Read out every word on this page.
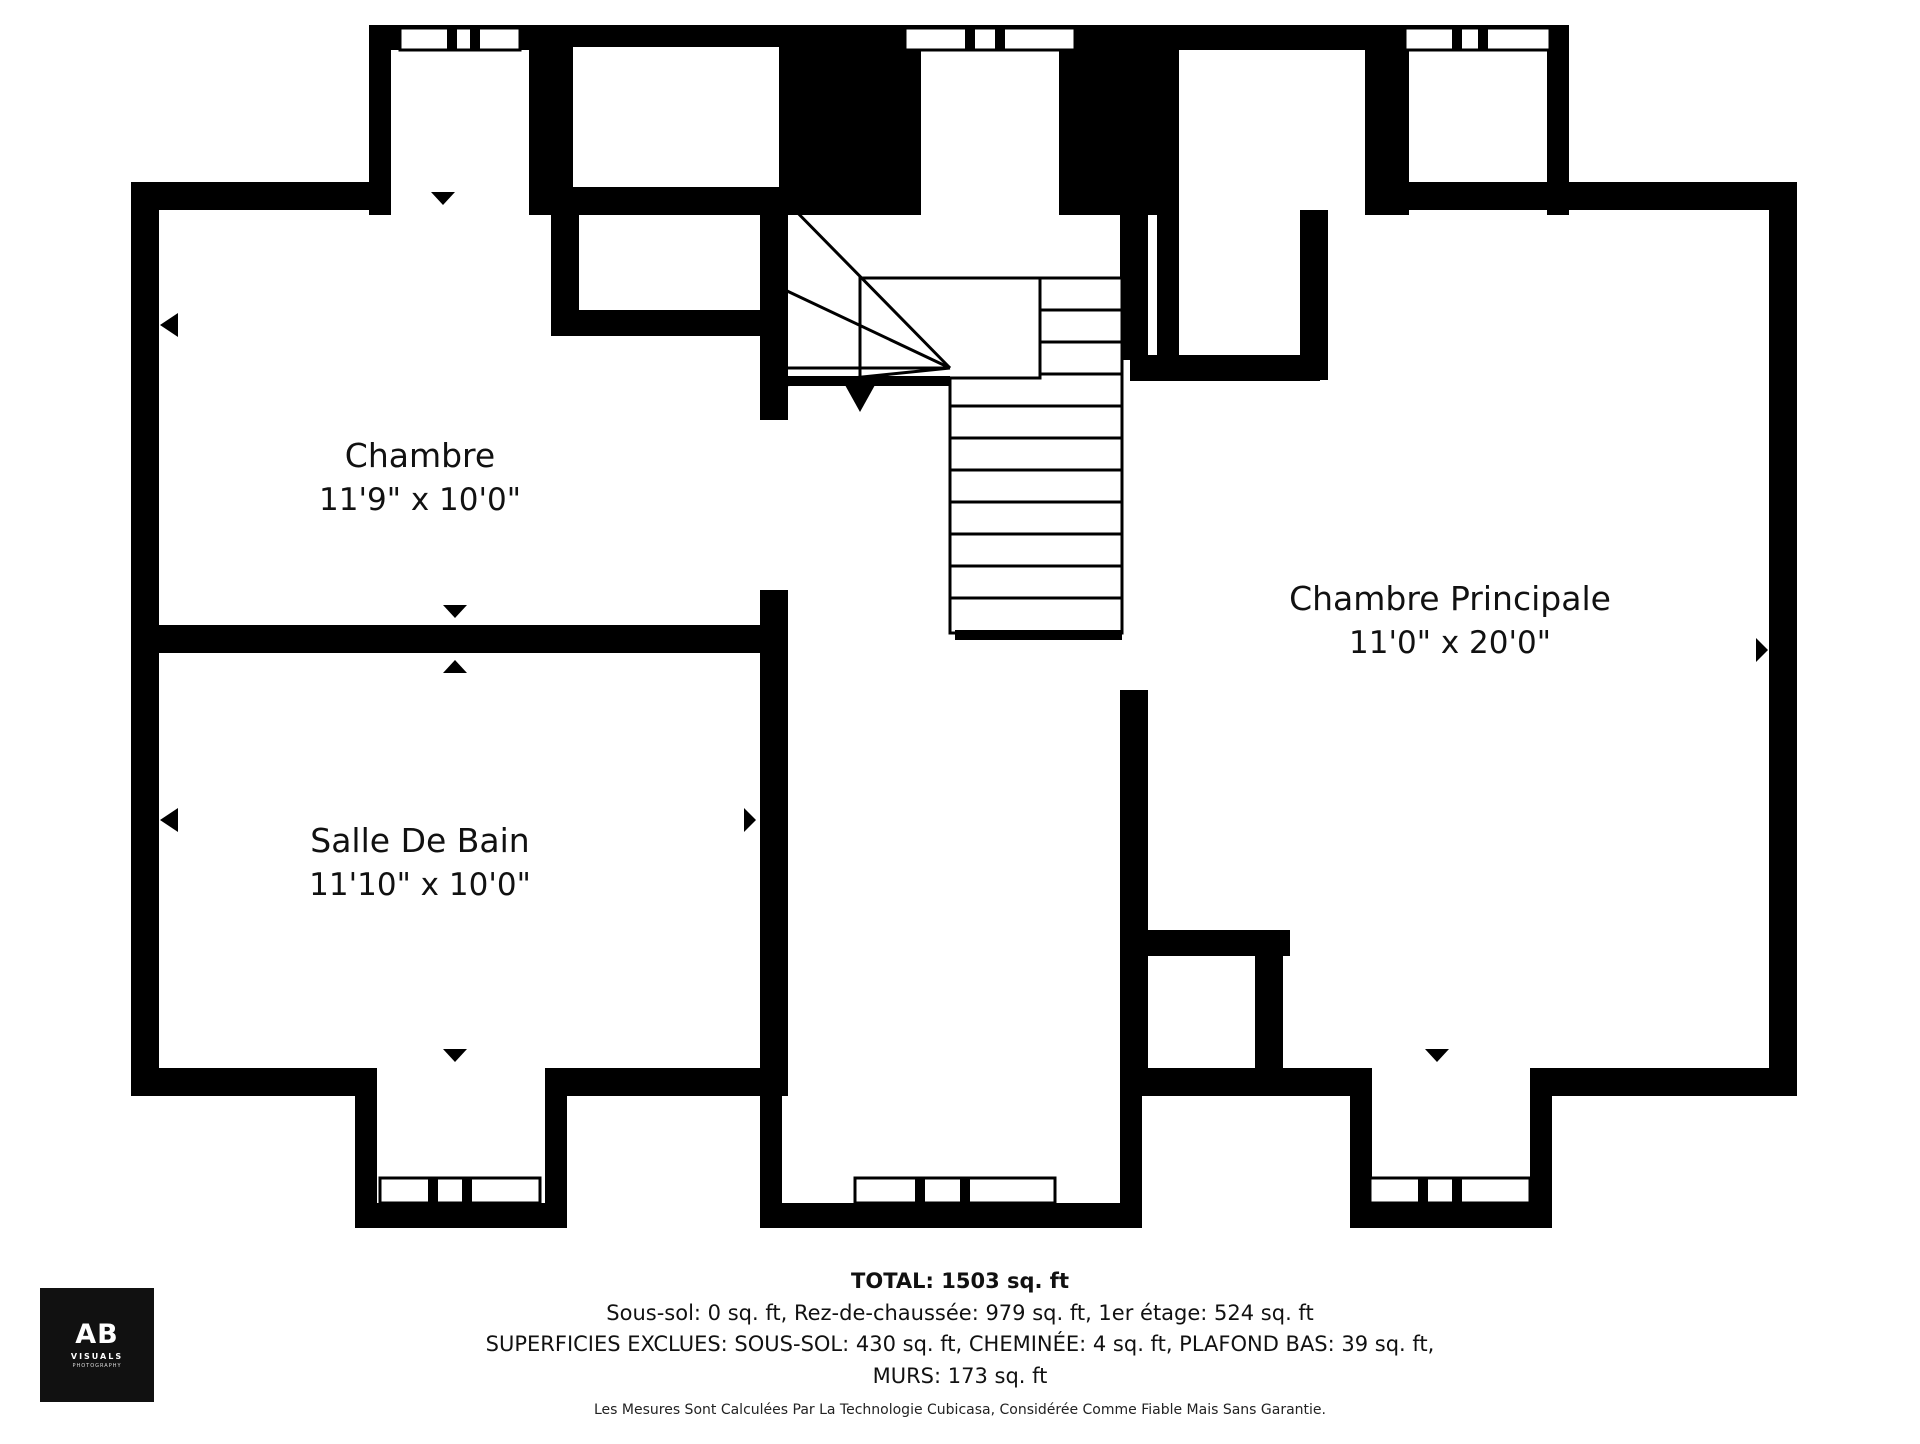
Chambre
11'9" x 10'0"
Salle De Bain
11'10" x 10'0"
Chambre Principale
11'0" x 20'0"
AB
VISUALS
PHOTOGRAPHY
TOTAL: 1503 sq. ft
Sous-sol: 0 sq. ft, Rez-de-chaussée: 979 sq. ft, 1er étage: 524 sq. ft
SUPERFICIES EXCLUES: SOUS-SOL: 430 sq. ft, CHEMINÉE: 4 sq. ft, PLAFOND BAS: 39 sq. ft,
MURS: 173 sq. ft
Les Mesures Sont Calculées Par La Technologie Cubicasa, Considérée Comme Fiable Mais Sans Garantie.
